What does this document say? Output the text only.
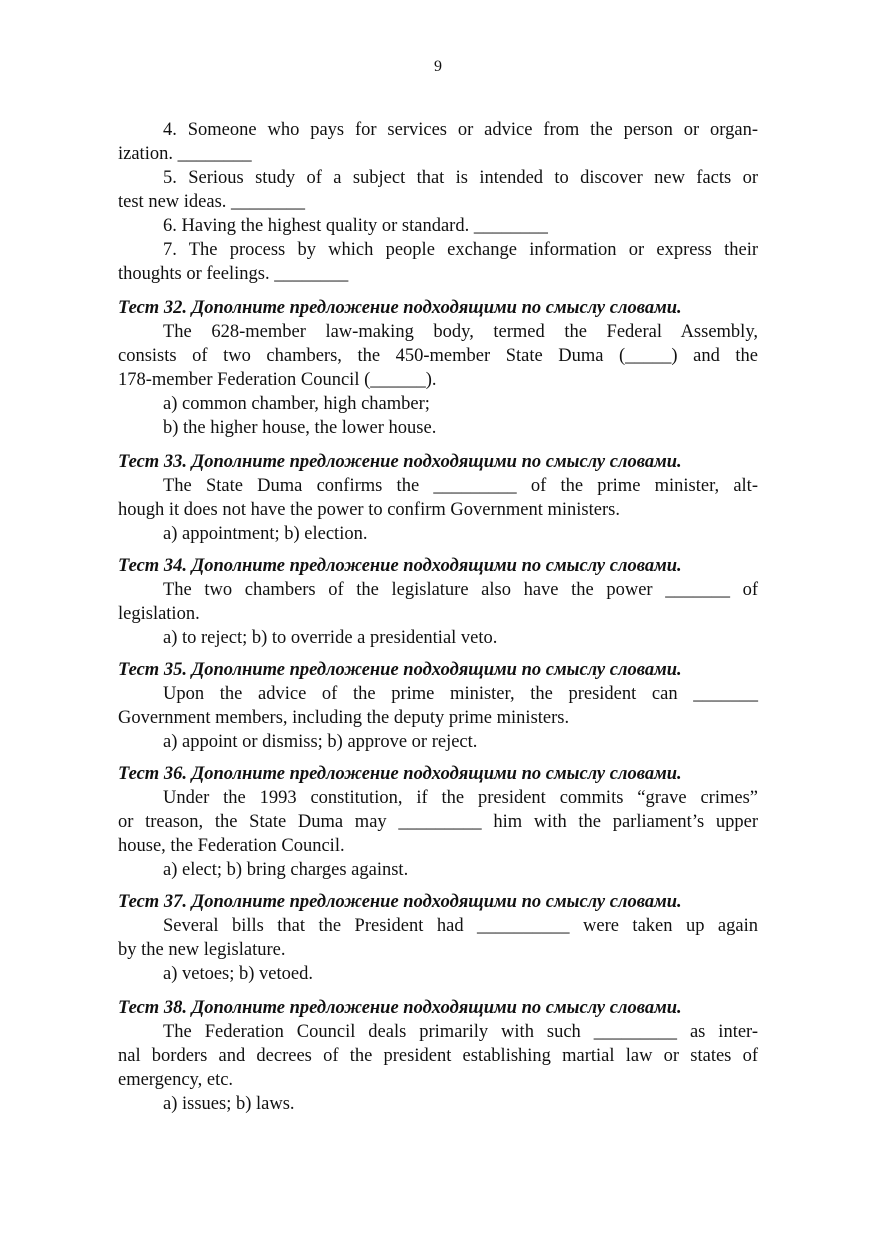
9
4. Someone who pays for services or advice from the person or organ-
ization. ________
5. Serious study of a subject that is intended to discover new facts or
test new ideas. ________
6. Having the highest quality or standard. ________
7. The process by which people exchange information or express their
thoughts or feelings. ________
Тест 32. Дополните предложение подходящими по смыслу словами.
The 628-member law-making body, termed the Federal Assembly,
consists of two chambers, the 450-member State Duma (_____) and the
178-member Federation Council (______).
a) common chamber, high chamber;
b) the higher house, the lower house.
Тест 33. Дополните предложение подходящими по смыслу словами.
The State Duma confirms the _________ of the prime minister, alt-
hough it does not have the power to confirm Government ministers.
a) appointment; b) election.
Тест 34. Дополните предложение подходящими по смыслу словами.
The two chambers of the legislature also have the power _______ of
legislation.
a) to reject; b) to override a presidential veto.
Тест 35. Дополните предложение подходящими по смыслу словами.
Upon the advice of the prime minister, the president can _______
Government members, including the deputy prime ministers.
a) appoint or dismiss; b) approve or reject.
Тест 36. Дополните предложение подходящими по смыслу словами.
Under the 1993 constitution, if the president commits “grave crimes”
or treason, the State Duma may _________ him with the parliament’s upper
house, the Federation Council.
a) elect; b) bring charges against.
Тест 37. Дополните предложение подходящими по смыслу словами.
Several bills that the President had __________ were taken up again
by the new legislature.
a) vetoes; b) vetoed.
Тест 38. Дополните предложение подходящими по смыслу словами.
The Federation Council deals primarily with such _________ as inter-
nal borders and decrees of the president establishing martial law or states of
emergency, etc.
a) issues; b) laws.
